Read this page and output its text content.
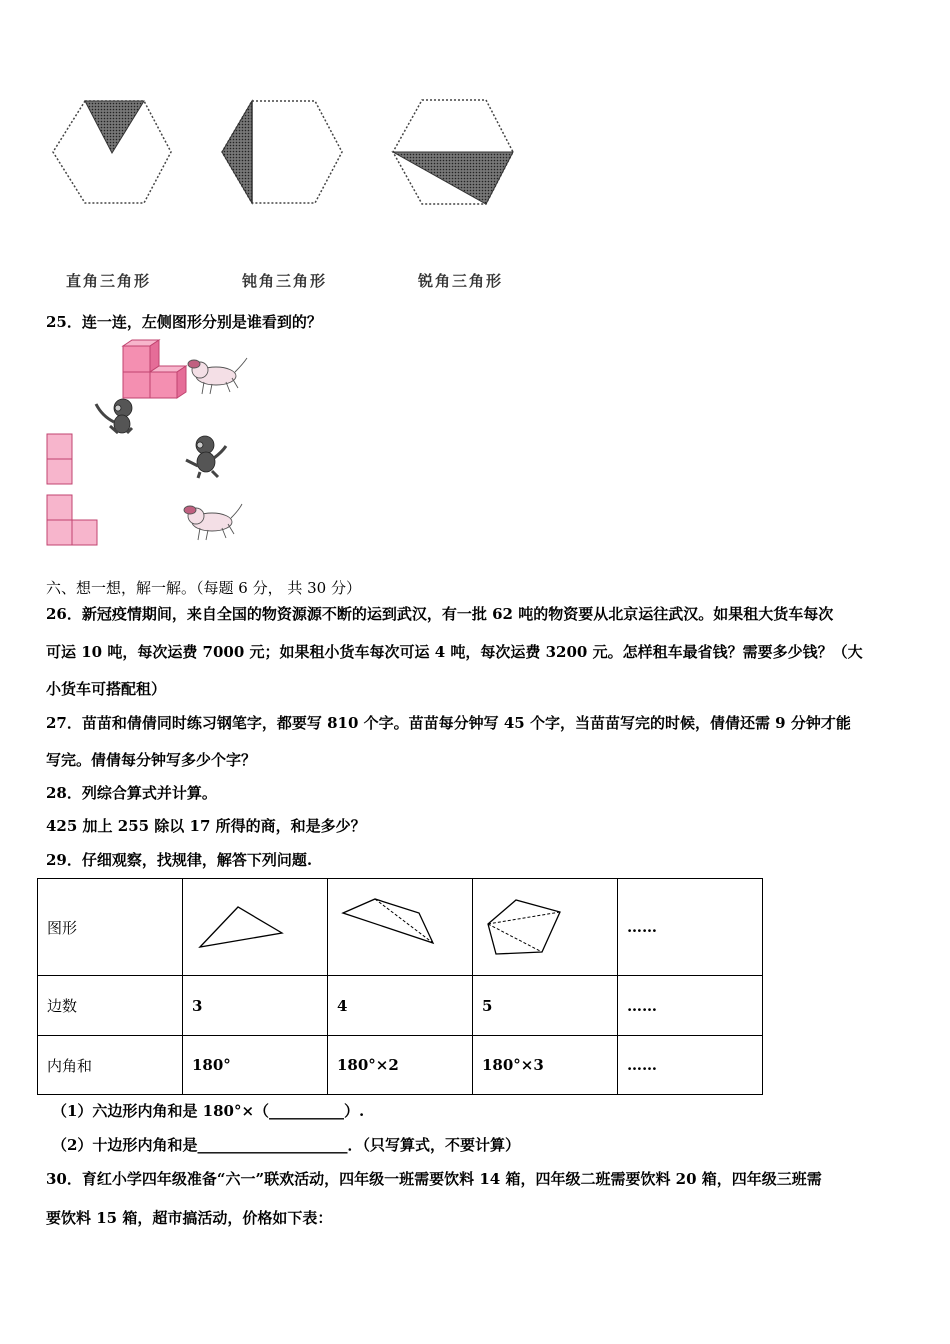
直角三角形	钝角三角形	锐角三角形
25．连一连，左侧图形分别是谁看到的？
六、想一想，解一解。（每题 6 分， 共 30 分）
26．新冠疫情期间，来自全国的物资源源不断的运到武汉，有一批 62 吨的物资要从北京运往武汉。如果租大货车每次
可运 10 吨，每次运费 7000 元；如果租小货车每次可运 4 吨，每次运费 3200 元。怎样租车最省钱？需要多少钱？（大
小货车可搭配租）
27．苗苗和倩倩同时练习钢笔字，都要写 810 个字。苗苗每分钟写 45 个字，当苗苗写完的时候，倩倩还需 9 分钟才能
写完。倩倩每分钟写多少个字？
28．列综合算式并计算。
425 加上 255 除以 17 所得的商，和是多少？
29．仔细观察，找规律，解答下列问题.
图形				……
边数	3	4	5	……
内角和	180°	180°×2	180°×3	……
（1）六边形内角和是 180°×（__________）.
（2）十边形内角和是____________________．（只写算式，不要计算）
30．育红小学四年级准备“六一”联欢活动，四年级一班需要饮料 14 箱，四年级二班需要饮料 20 箱，四年级三班需
要饮料 15 箱，超市搞活动，价格如下表：
